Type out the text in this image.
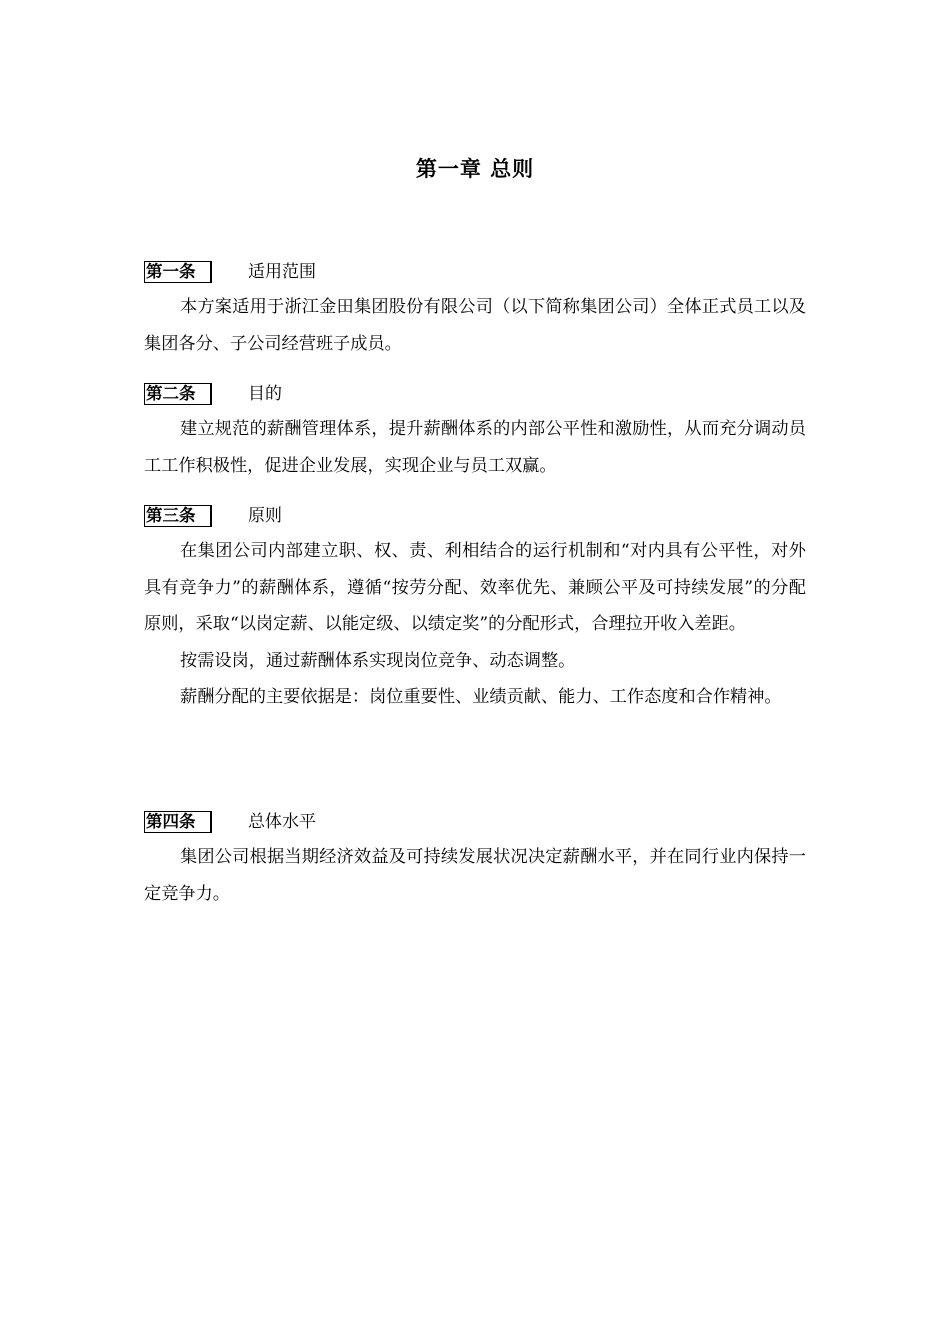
第一章 总则
第一条	适用范围

本方案适用于浙江金田集团股份有限公司（以下简称集团公司）全体正式员工以及集团各分、子公司经营班子成员。

第二条	目的

建立规范的薪酬管理体系，提升薪酬体系的内部公平性和激励性，从而充分调动员工工作积极性，促进企业发展，实现企业与员工双赢。

第三条	原则

在集团公司内部建立职、权、责、利相结合的运行机制和“对内具有公平性，对外具有竞争力”的薪酬体系，遵循“按劳分配、效率优先、兼顾公平及可持续发展”的分配原则，采取“以岗定薪、以能定级、以绩定奖”的分配形式，合理拉开收入差距。

按需设岗，通过薪酬体系实现岗位竞争、动态调整。

薪酬分配的主要依据是：岗位重要性、业绩贡献、能力、工作态度和合作精神。

第四条	总体水平

集团公司根据当期经济效益及可持续发展状况决定薪酬水平，并在同行业内保持一定竞争力。
